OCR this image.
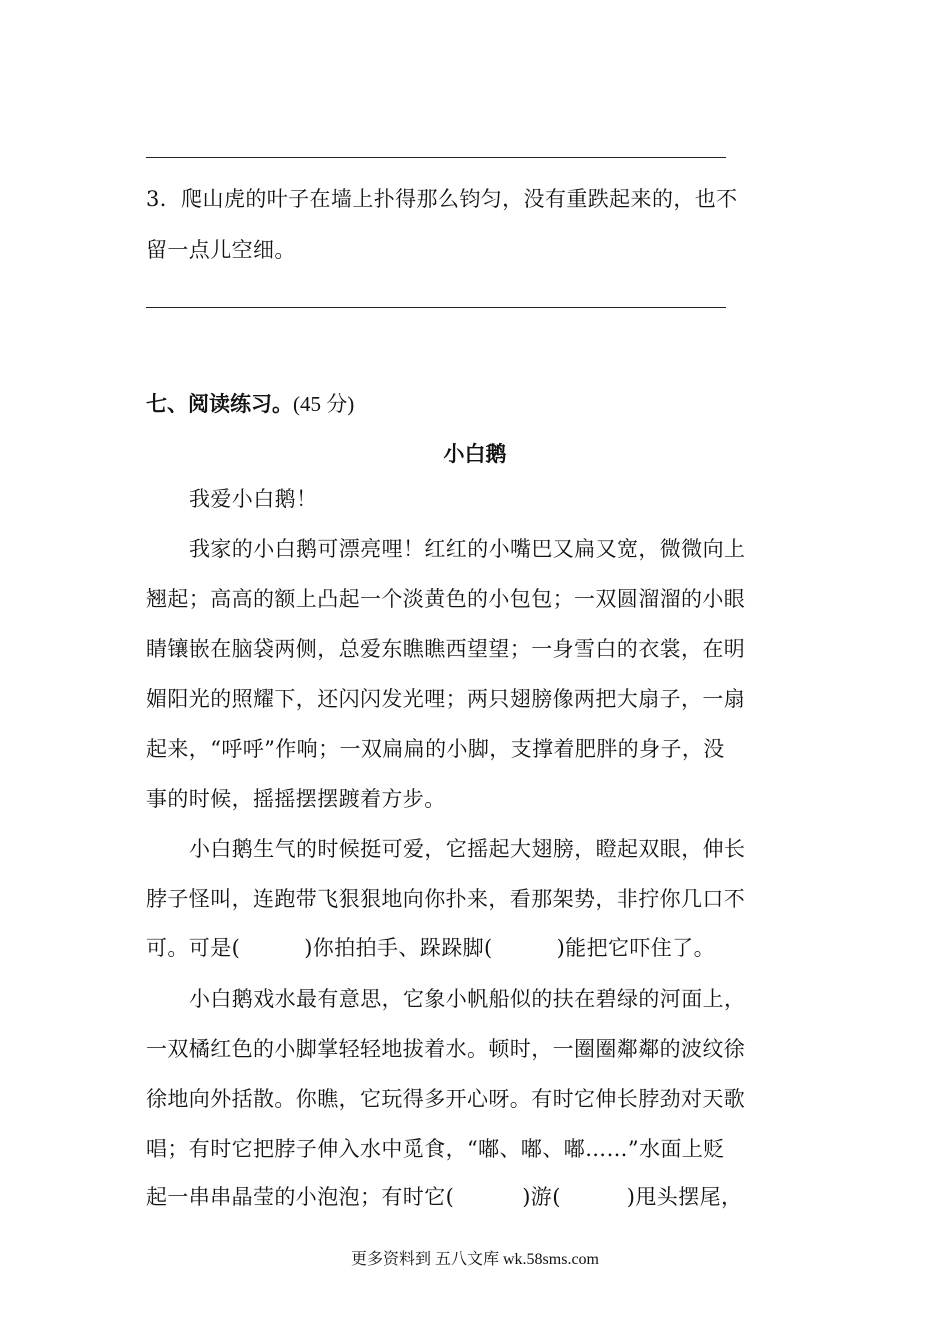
3．爬山虎的叶子在墙上扑得那么钧匀，没有重跌起来的，也不
留一点儿空细。
七、阅读练习。(45 分)
小白鹅
我爱小白鹅！
我家的小白鹅可漂亮哩！红红的小嘴巴又扁又宽，微微向上
翘起；高高的额上凸起一个淡黄色的小包包；一双圆溜溜的小眼
睛镶嵌在脑袋两侧，总爱东瞧瞧西望望；一身雪白的衣裳，在明
媚阳光的照耀下，还闪闪发光哩；两只翅膀像两把大扇子，一扇
起来，“呼呼”作响；一双扁扁的小脚，支撑着肥胖的身子，没
事的时候，摇摇摆摆踱着方步。
小白鹅生气的时候挺可爱，它摇起大翅膀，瞪起双眼，伸长
脖子怪叫，连跑带飞狠狠地向你扑来，看那架势，非拧你几口不
可。可是(	)你拍拍手、跺跺脚(	)能把它吓住了。
小白鹅戏水最有意思，它象小帆船似的扶在碧绿的河面上，
一双橘红色的小脚掌轻轻地拔着水。顿时，一圈圈鄰鄰的波纹徐
徐地向外括散。你瞧，它玩得多开心呀。有时它伸长脖劲对天歌
唱；有时它把脖子伸入水中觅食，“嘟、嘟、嘟……”水面上贬
起一串串晶莹的小泡泡；有时它(	)游(	)甩头摆尾，
更多资料到 五八文库 wk.58sms.com
